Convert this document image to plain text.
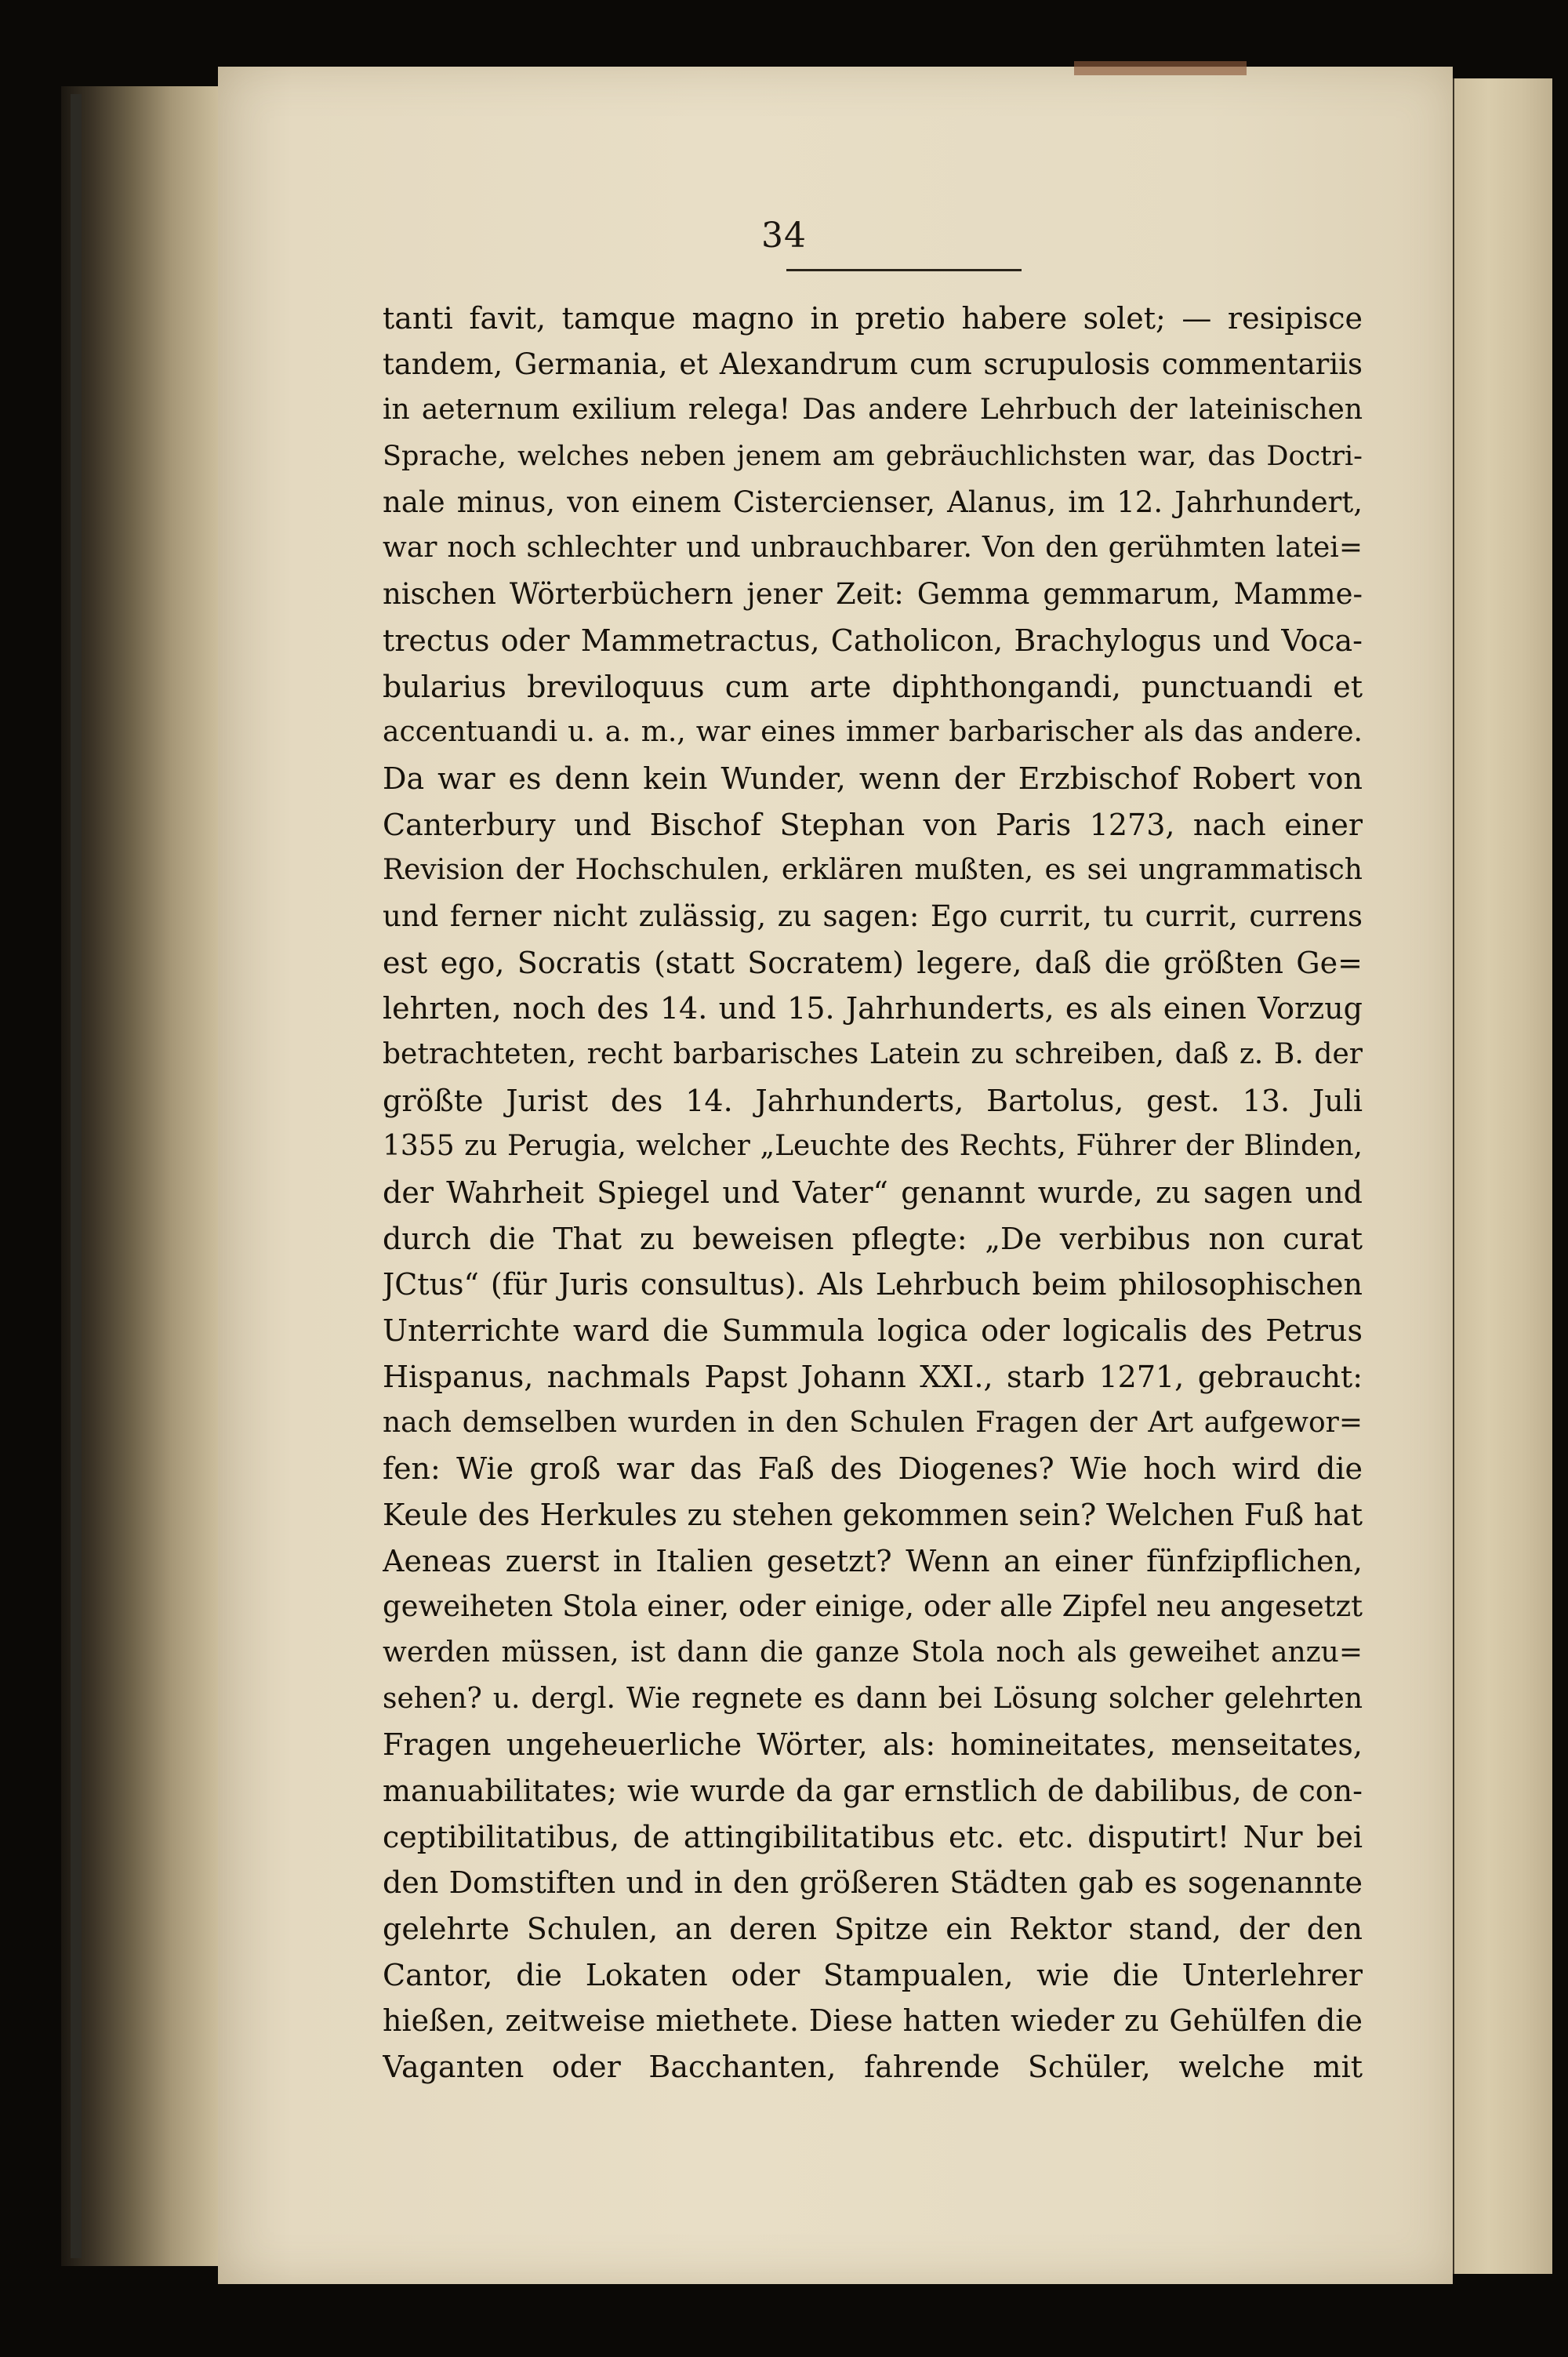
34
tanti favit, tamque magno in pretio habere solet; — resipisce
tandem, Germania, et Alexandrum cum scrupulosis commentariis
in aeternum exilium relega! Das andere Lehrbuch der lateinischen
Sprache, welches neben jenem am gebräuchlichsten war, das Doctri-
nale minus, von einem Cistercienser, Alanus, im 12. Jahrhundert,
war noch schlechter und unbrauchbarer. Von den gerühmten latei=
nischen Wörterbüchern jener Zeit: Gemma gemmarum, Mamme-
trectus oder Mammetractus, Catholicon, Brachylogus und Voca-
bularius breviloquus cum arte diphthongandi, punctuandi et
accentuandi u. a. m., war eines immer barbarischer als das andere.
Da war es denn kein Wunder, wenn der Erzbischof Robert von
Canterbury und Bischof Stephan von Paris 1273, nach einer
Revision der Hochschulen, erklären mußten, es sei ungrammatisch
und ferner nicht zulässig, zu sagen: Ego currit, tu currit, currens
est ego, Socratis (statt Socratem) legere, daß die größten Ge=
lehrten, noch des 14. und 15. Jahrhunderts, es als einen Vorzug
betrachteten, recht barbarisches Latein zu schreiben, daß z. B. der
größte Jurist des 14. Jahrhunderts, Bartolus, gest. 13. Juli
1355 zu Perugia, welcher „Leuchte des Rechts, Führer der Blinden,
der Wahrheit Spiegel und Vater“ genannt wurde, zu sagen und
durch die That zu beweisen pflegte: „De verbibus non curat
JCtus“ (für Juris consultus). Als Lehrbuch beim philosophischen
Unterrichte ward die Summula logica oder logicalis des Petrus
Hispanus, nachmals Papst Johann XXI., starb 1271, gebraucht:
nach demselben wurden in den Schulen Fragen der Art aufgewor=
fen: Wie groß war das Faß des Diogenes? Wie hoch wird die
Keule des Herkules zu stehen gekommen sein? Welchen Fuß hat
Aeneas zuerst in Italien gesetzt? Wenn an einer fünfzipflichen,
geweiheten Stola einer, oder einige, oder alle Zipfel neu angesetzt
werden müssen, ist dann die ganze Stola noch als geweihet anzu=
sehen? u. dergl. Wie regnete es dann bei Lösung solcher gelehrten
Fragen ungeheuerliche Wörter, als: homineitates, menseitates,
manuabilitates; wie wurde da gar ernstlich de dabilibus, de con-
ceptibilitatibus, de attingibilitatibus etc. etc. disputirt! Nur bei
den Domstiften und in den größeren Städten gab es sogenannte
gelehrte Schulen, an deren Spitze ein Rektor stand, der den
Cantor, die Lokaten oder Stampualen, wie die Unterlehrer
hießen, zeitweise miethete. Diese hatten wieder zu Gehülfen die
Vaganten oder Bacchanten, fahrende Schüler, welche mit
